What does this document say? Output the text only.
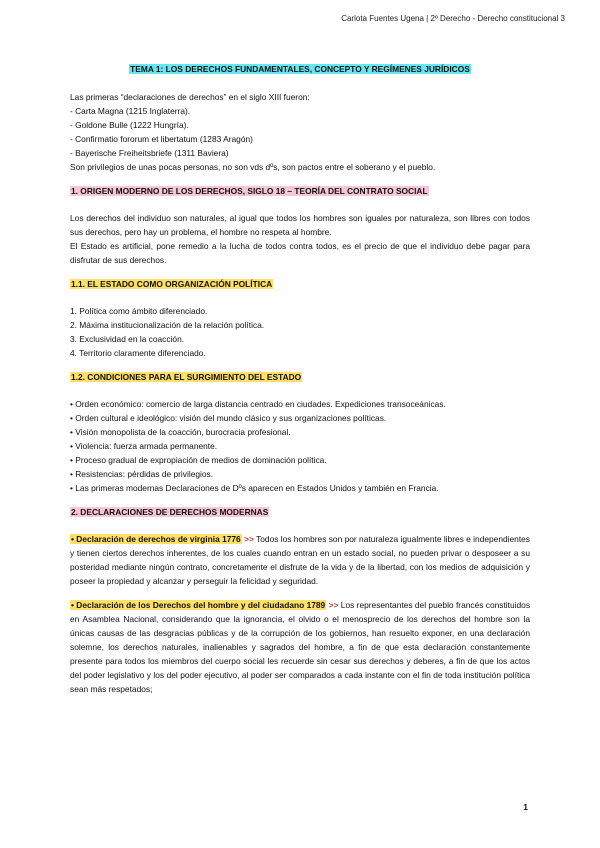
Carlota Fuentes Ugena | 2º Derecho - Derecho constitucional 3

TEMA 1: LOS DERECHOS FUNDAMENTALES, CONCEPTO Y REGÍMENES JURÍDICOS

Las primeras “declaraciones de derechos” en el siglo XIII fueron:

- Carta Magna (1215 Inglaterra).
- Goldone Bulle (1222 Hungría).
- Confirmatio fororum et libertatum (1283 Aragón)
- Bayerische Freiheitsbriefe (1311 Baviera)

Son privilegios de unas pocas personas, no son vds dºs, son pactos entre el soberano y el pueblo.

1. ORIGEN MODERNO DE LOS DERECHOS, SIGLO 18 – TEORÍA DEL CONTRATO SOCIAL

Los derechos del individuo son naturales, al igual que todos los hombres son iguales por naturaleza, son libres con todos sus derechos, pero hay un problema, el hombre no respeta al hombre.

El Estado es artificial, pone remedio a la lucha de todos contra todos, es el precio de que el individuo debe pagar para disfrutar de sus derechos.

1.1. EL ESTADO COMO ORGANIZACIÓN POLÍTICA

1. Política como ámbito diferenciado.
2. Máxima institucionalización de la relación política.
3. Exclusividad en la coacción.
4. Territorio claramente diferenciado.

1.2. CONDICIONES PARA EL SURGIMIENTO DEL ESTADO

• Orden económico: comercio de larga distancia centrado en ciudades. Expediciones transoceánicas.
• Orden cultural e ideológico: visión del mundo clásico y sus organizaciones políticas.
• Visión monopolista de la coacción, burocracia profesional.
• Violencia: fuerza armada permanente.
• Proceso gradual de expropiación de medios de dominación política.
• Resistencias: pérdidas de privilegios.
• Las primeras modernas Declaraciones de Dºs aparecen en Estados Unidos y también en Francia.

2. DECLARACIONES DE DERECHOS MODERNAS

• Declaración de derechos de virginia 1776 >> Todos los hombres son por naturaleza igualmente libres e independientes y tienen ciertos derechos inherentes, de los cuales cuando entran en un estado social, no pueden privar o desposeer a su posteridad mediante ningún contrato, concretamente el disfrute de la vida y de la libertad, con los medios de adquisición y poseer la propiedad y alcanzar y perseguir la felicidad y seguridad.

• Declaración de los Derechos del hombre y del ciudadano 1789 >> Los representantes del pueblo francés constituidos en Asamblea Nacional, considerando que la ignorancia, el olvido o el menosprecio de los derechos del hombre son la únicas causas de las desgracias públicas y de la corrupción de los gobiernos, han resuelto exponer, en una declaración solemne, los derechos naturales, inalienables y sagrados del hombre, a fin de que esta declaración constantemente presente para todos los miembros del cuerpo social les recuerde sin cesar sus derechos y deberes, a fin de que los actos del poder legislativo y los del poder ejecutivo, al poder ser comparados a cada instante con el fin de toda institución política sean más respetados;

1
